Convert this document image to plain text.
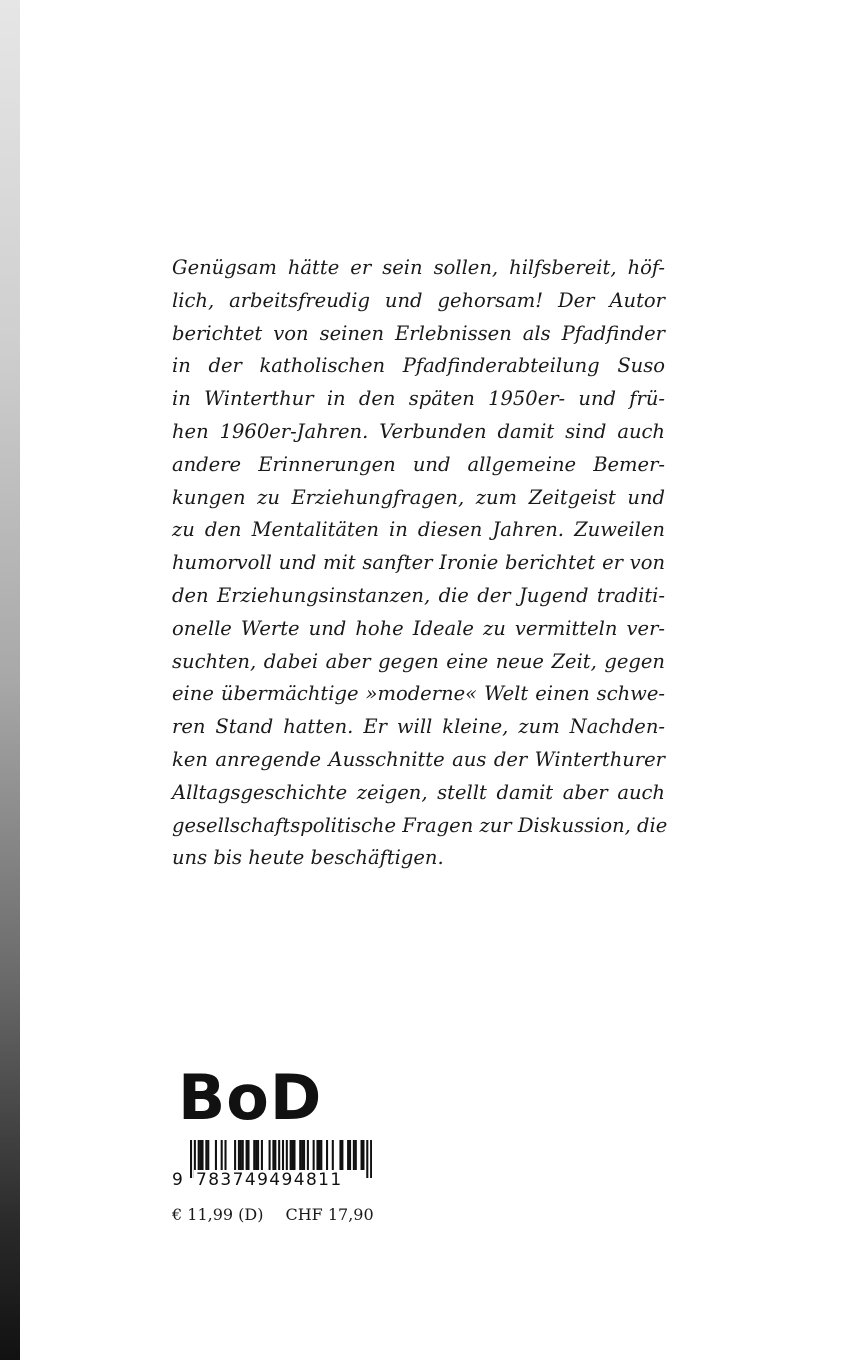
Genügsam hätte er sein sollen, hilfsbereit, höf-
lich, arbeitsfreudig und gehorsam! Der Autor
berichtet von seinen Erlebnissen als Pfadfinder
in der katholischen Pfadfinderabteilung Suso
in Winterthur in den späten 1950er- und frü-
hen 1960er-Jahren. Verbunden damit sind auch
andere Erinnerungen und allgemeine Bemer-
kungen zu Erziehungfragen, zum Zeitgeist und
zu den Mentalitäten in diesen Jahren. Zuweilen
humorvoll und mit sanfter Ironie berichtet er von
den Erziehungsinstanzen, die der Jugend traditi-
onelle Werte und hohe Ideale zu vermitteln ver-
suchten, dabei aber gegen eine neue Zeit, gegen
eine übermächtige »moderne« Welt einen schwe-
ren Stand hatten. Er will kleine, zum Nachden-
ken anregende Ausschnitte aus der Winterthurer
Alltagsgeschichte zeigen, stellt damit aber auch
gesellschaftspolitische Fragen zur Diskussion, die
uns bis heute beschäftigen.

BoD
9 783749494811
€ 11,99 (D) CHF 17,90
